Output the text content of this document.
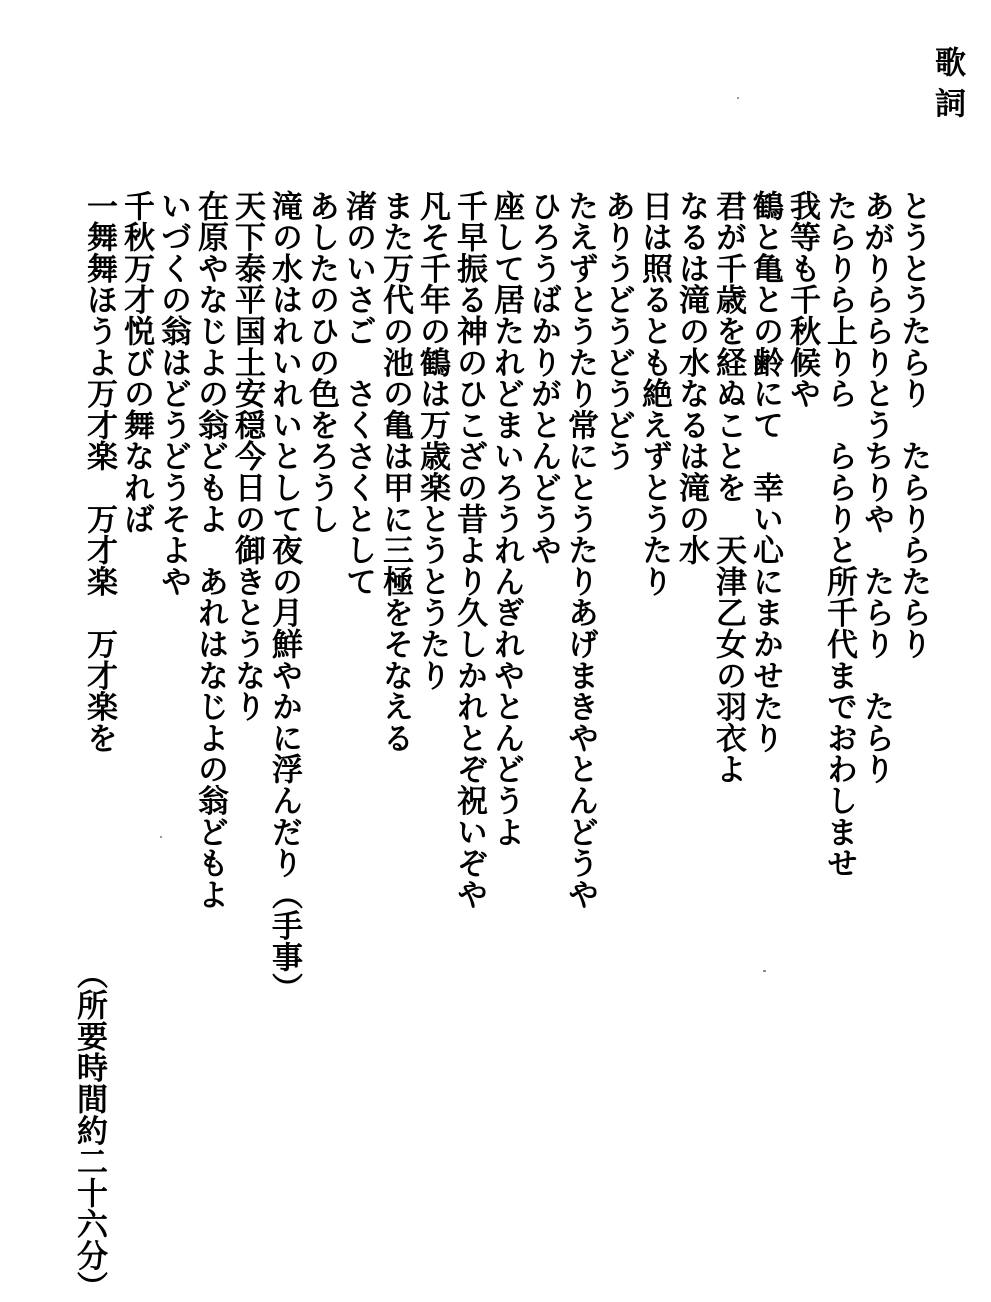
歌詞
とうとうたらり　たらりらたらり
あがりららりとうちりや　たらり　たらり
たらりら上りら　ららりと所千代までおわしませ
我等も千秋候や
鶴と亀との齢にて　幸い心にまかせたり
君が千歳を経ぬことを　天津乙女の羽衣よ
なるは滝の水なるは滝の水
日は照るとも絶えずとうたり
ありうどうどうどう
たえずとうたり常にとうたりあげまきやとんどうや
ひろうばかりがとんどうや
座して居たれどまいろうれんぎれやとんどうよ
千早振る神のひこざの昔より久しかれとぞ祝いぞや
凡そ千年の鶴は万歳楽とうとうたり
また万代の池の亀は甲に三極をそなえる
渚のいさご　さくさくとして
あしたのひの色をろうし
滝の水はれいれいとして夜の月鮮やかに浮んだり（手事）
天下泰平国土安穏今日の御きとうなり
在原やなじよの翁どもよ　あれはなじよの翁どもよ
いづくの翁はどうどうそよや
千秋万才悦びの舞なれば
一舞舞ほうよ万才楽　万才楽　万才楽を
（所要時間約二十六分）
